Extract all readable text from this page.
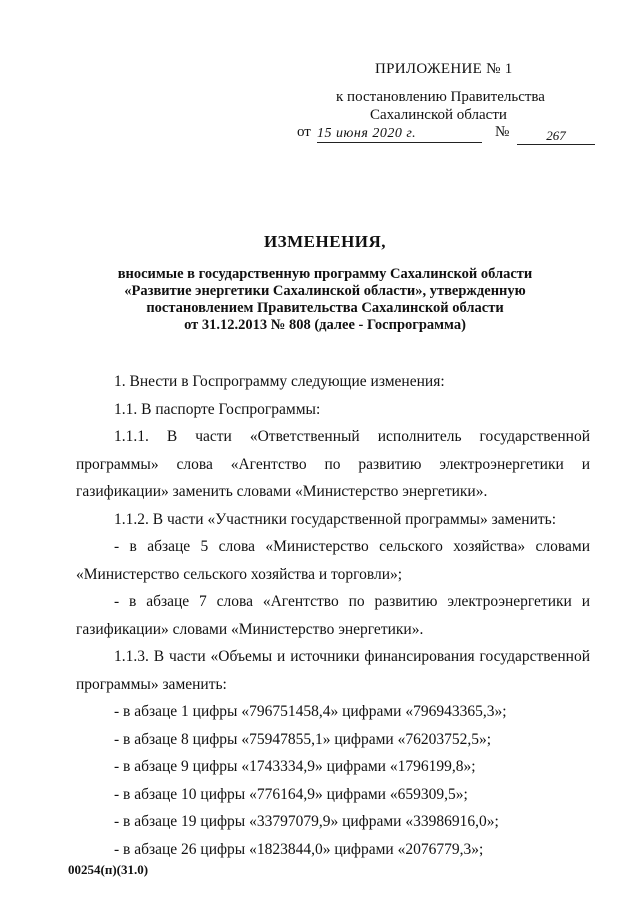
ПРИЛОЖЕНИЕ № 1
к постановлению Правительства
Сахалинской области
от 15 июня 2020 г.	№	267
ИЗМЕНЕНИЯ,
вносимые в государственную программу Сахалинской области
«Развитие энергетики Сахалинской области», утвержденную
постановлением Правительства Сахалинской области
от 31.12.2013 № 808 (далее - Госпрограмма)
1. Внести в Госпрограмму следующие изменения:
1.1. В паспорте Госпрограммы:
1.1.1. В части «Ответственный исполнитель государственной программы» слова «Агентство по развитию электроэнергетики и газификации» заменить словами «Министерство энергетики».
1.1.2. В части «Участники государственной программы» заменить:
- в абзаце 5 слова «Министерство сельского хозяйства» словами «Министерство сельского хозяйства и торговли»;
- в абзаце 7 слова «Агентство по развитию электроэнергетики и газификации» словами «Министерство энергетики».
1.1.3. В части «Объемы и источники финансирования государственной программы» заменить:
- в абзаце 1 цифры «796751458,4» цифрами «796943365,3»;
- в абзаце 8 цифры «75947855,1» цифрами «76203752,5»;
- в абзаце 9 цифры «1743334,9» цифрами «1796199,8»;
- в абзаце 10 цифры «776164,9» цифрами «659309,5»;
- в абзаце 19 цифры «33797079,9» цифрами «33986916,0»;
- в абзаце 26 цифры «1823844,0» цифрами «2076779,3»;
00254(п)(31.0)
